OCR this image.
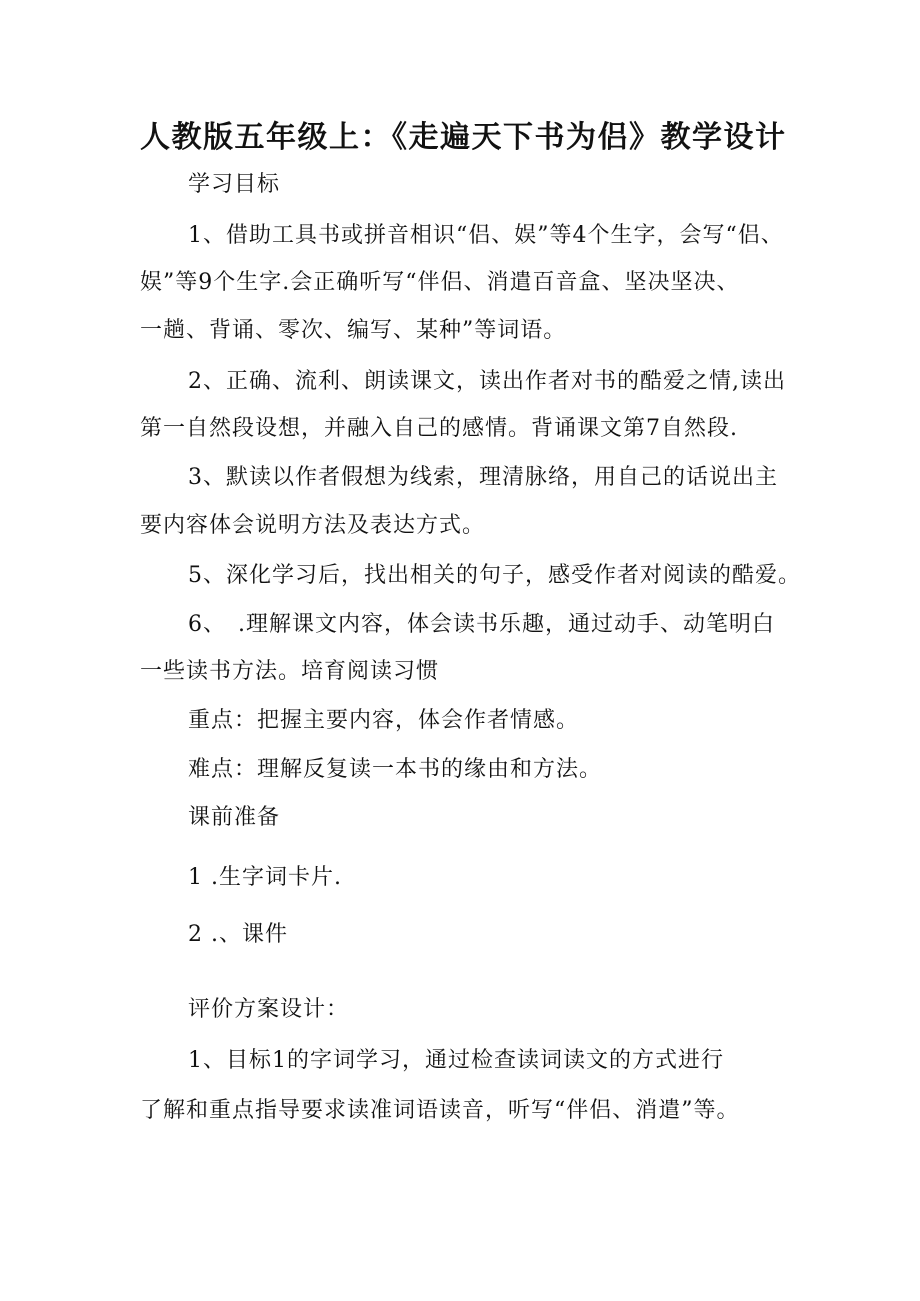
人教版五年级上：《走遍天下书为侣》教学设计
学习目标
1、借助工具书或拼音相识“侣、娱”等4个生字，会写“侣、
娱”等9个生字.会正确听写“伴侣、消遣百音盒、坚决坚决、
一趟、背诵、零次、编写、某种”等词语。
2、正确、流利、朗读课文，读出作者对书的酷爱之情,读出
第一自然段设想，并融入自己的感情。背诵课文第7自然段.
3、默读以作者假想为线索，理清脉络，用自己的话说出主
要内容体会说明方法及表达方式。
5、深化学习后，找出相关的句子，感受作者对阅读的酷爱。
6、　.理解课文内容，体会读书乐趣，通过动手、动笔明白
一些读书方法。培育阅读习惯
重点：把握主要内容，体会作者情感。
难点：理解反复读一本书的缘由和方法。
课前准备
1 .生字词卡片.
2 .、课件
评价方案设计：
1、目标1的字词学习，通过检查读词读文的方式进行
了解和重点指导要求读准词语读音，听写“伴侣、消遣”等。
